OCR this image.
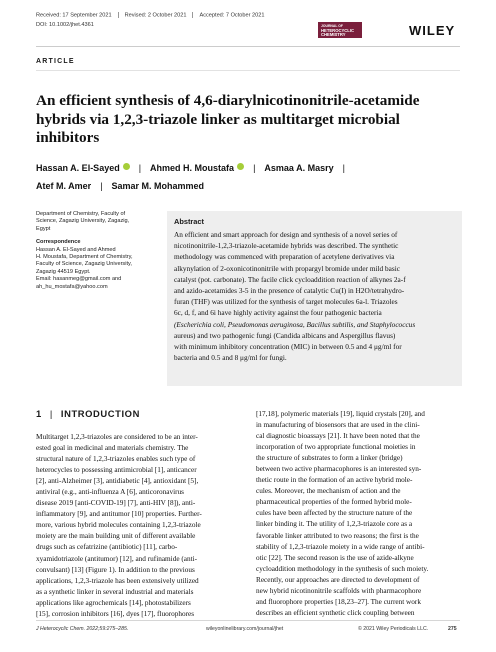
Received: 17 September 2021 Revised: 2 October 2021 Accepted: 7 October 2021
DOI: 10.1002/jhet.4361	JOURNAL OF
HETEROCYCLIC
CHEMISTRY	WILEY
ARTICLE
An efficient synthesis of 4,6-diarylnicotinonitrile-acetamide
hybrids via 1,2,3-triazole linker as multitarget microbial
inhibitors
Hassan A. El-Sayed | Ahmed H. Moustafa | Asmaa A. Masry |
Atef M. Amer | Samar M. Mohammed
Department of Chemistry, Faculty of
Science, Zagazig University, Zagazig,
Egypt
Correspondence
Hassan A. El-Sayed and Ahmed
H. Moustafa, Department of Chemistry,
Faculty of Science, Zagazig University,
Zagazig 44519 Egypt.
Email: hasanmeg@gmail.com and
ah_hu_mostafa@yahoo.com
Abstract
An efficient and smart approach for design and synthesis of a novel series of
nicotinonitrile-1,2,3-triazole-acetamide hybrids was described. The synthetic
methodology was commenced with preparation of acetylene derivatives via
alkynylation of 2-oxonicotinonitrile with propargyl bromide under mild basic
catalyst (pot. carbonate). The facile click cycloaddition reaction of alkynes 2a-f
and azido-acetamides 3-5 in the presence of catalytic Cu(I) in H2O/tetrahydro-
furan (THF) was utilized for the synthesis of target molecules 6a-l. Triazoles
6c, d, f, and 6i have highly activity against the four pathogenic bacteria
(Escherichia coli, Pseudomonas aeruginosa, Bacillus subtilis, and Staphylococcus
aureus) and two pathogenic fungi (Candida albicans and Aspergillus flavus)
with minimum inhibitory concentration (MIC) in between 0.5 and 4 μg/ml for
bacteria and 0.5 and 8 μg/ml for fungi.
1 | INTRODUCTION
Multitarget 1,2,3-triazoles are considered to be an inter-
ested goal in medicinal and materials chemistry. The
structural nature of 1,2,3-triazoles enables such type of
heterocycles to possessing antimicrobial [1], anticancer
[2], anti-Alzheimer [3], antidiabetic [4], antioxidant [5],
antiviral (e.g., anti-influenza A [6], anticoronavirus
disease 2019 [anti-COVID-19] [7], anti-HIV [8]), anti-
inflammatory [9], and antitumor [10] properties. Further-
more, various hybrid molecules containing 1,2,3-triazole
moiety are the main building unit of different available
drugs such as cefatrizine (antibiotic) [11], carbo-
xyamidotriazole (antitumor) [12], and rufinamide (anti-
convulsant) [13] (Figure 1). In addition to the previous
applications, 1,2,3-triazole has been extensively utilized
as a synthetic linker in several industrial and materials
applications like agrochemicals [14], photostabilizers
[15], corrosion inhibitors [16], dyes [17], fluorophores
[17,18], polymeric materials [19], liquid crystals [20], and
in manufacturing of biosensors that are used in the clini-
cal diagnostic bioassays [21]. It have been noted that the
incorporation of two appropriate functional moieties in
the structure of substrates to form a linker (bridge)
between two active pharmacophores is an interested syn-
thetic route in the formation of an active hybrid mole-
cules. Moreover, the mechanism of action and the
pharmaceutical properties of the formed hybrid mole-
cules have been affected by the structure nature of the
linker binding it. The utility of 1,2,3-triazole core as a
favorable linker attributed to two reasons; the first is the
stability of 1,2,3-triazole moiety in a wide range of antibi-
otic [22]. The second reason is the use of azide-alkyne
cycloaddition methodology in the synthesis of such moiety.
Recently, our approaches are directed to development of
new hybrid nicotinonitrile scaffolds with pharmacophore
and fluorophore properties [18,23–27]. The current work
describes an efficient synthetic click coupling between
J Heterocyclic Chem. 2022;59:275–285.	wileyonlinelibrary.com/journal/jhet	© 2021 Wiley Periodicals LLC.	275
